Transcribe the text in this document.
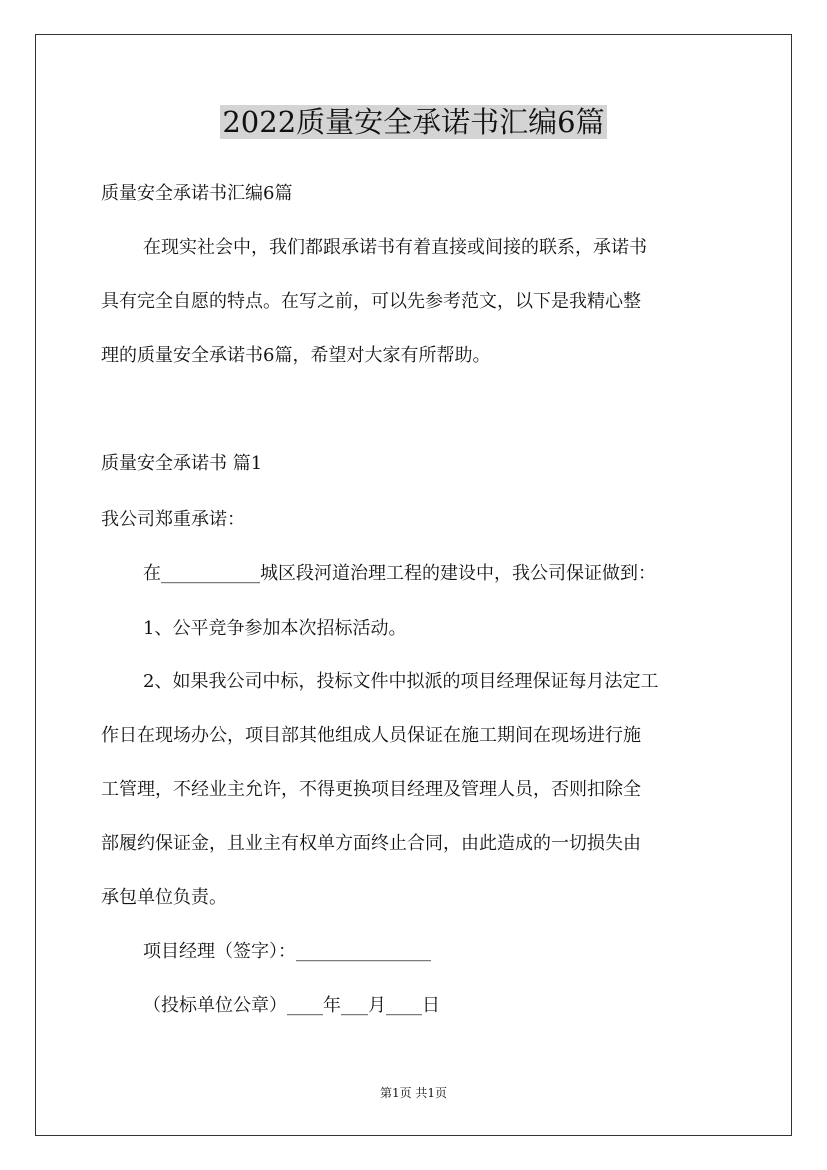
2022质量安全承诺书汇编6篇
质量安全承诺书汇编6篇
在现实社会中，我们都跟承诺书有着直接或间接的联系，承诺书
具有完全自愿的特点。在写之前，可以先参考范文，以下是我精心整
理的质量安全承诺书6篇，希望对大家有所帮助。
质量安全承诺书 篇1
我公司郑重承诺：
在___________城区段河道治理工程的建设中，我公司保证做到：
1、公平竞争参加本次招标活动。
2、如果我公司中标，投标文件中拟派的项目经理保证每月法定工
作日在现场办公，项目部其他组成人员保证在施工期间在现场进行施
工管理，不经业主允许，不得更换项目经理及管理人员，否则扣除全
部履约保证金，且业主有权单方面终止合同，由此造成的一切损失由
承包单位负责。
项目经理（签字）：_______________
（投标单位公章）____年___月____日
第1页 共1页
